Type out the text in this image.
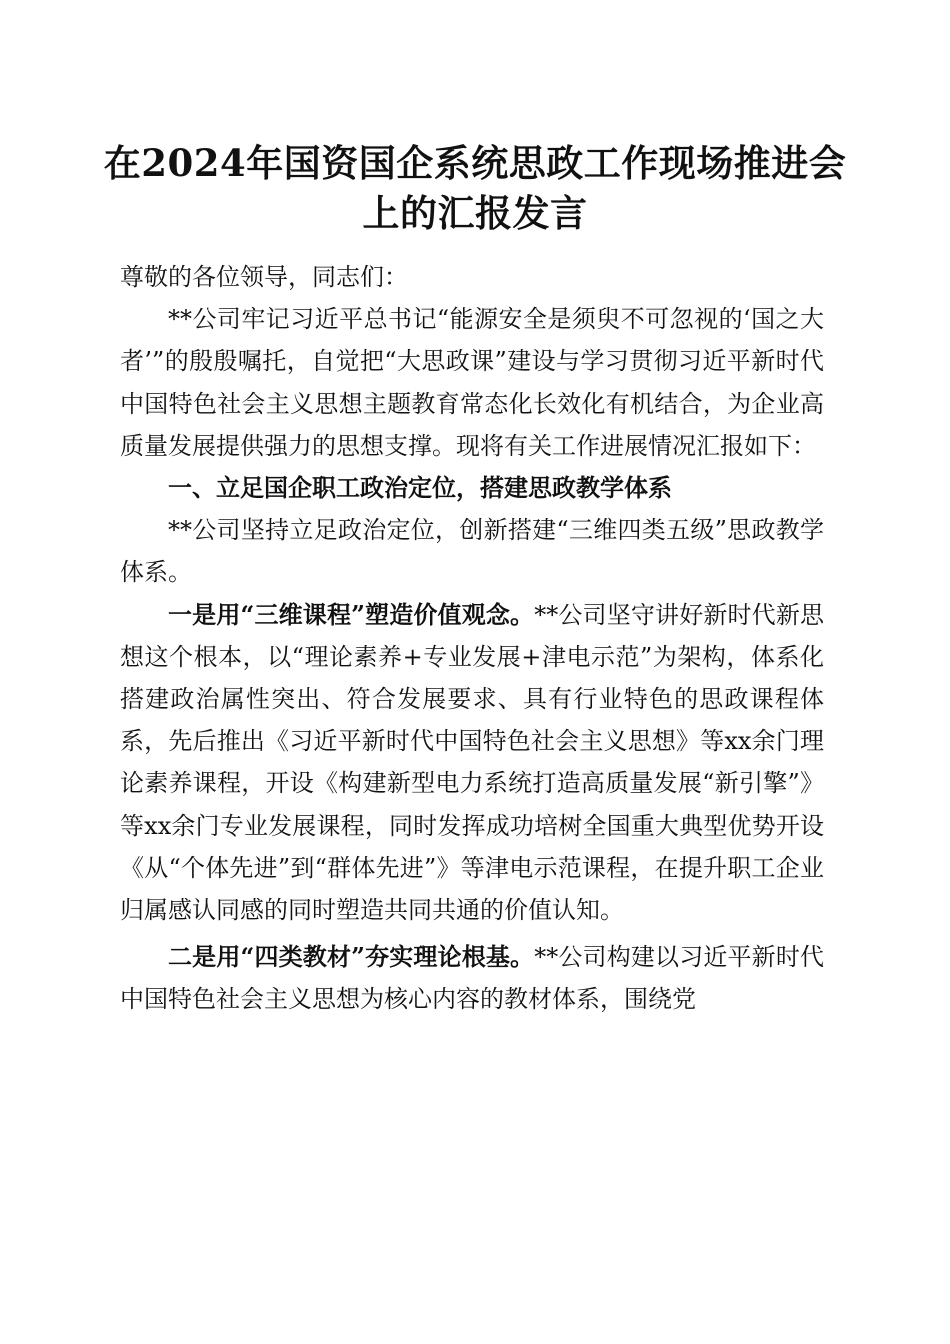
在2024年国资国企系统思政工作现场推进会
上的汇报发言

尊敬的各位领导，同志们：

**公司牢记习近平总书记“能源安全是须臾不可忽视的‘国之大者’”的殷殷嘱托，自觉把“大思政课”建设与学习贯彻习近平新时代中国特色社会主义思想主题教育常态化长效化有机结合，为企业高质量发展提供强力的思想支撑。现将有关工作进展情况汇报如下：

一、立足国企职工政治定位，搭建思政教学体系

**公司坚持立足政治定位，创新搭建“三维四类五级”思政教学体系。

一是用“三维课程”塑造价值观念。**公司坚守讲好新时代新思想这个根本，以“理论素养+专业发展+津电示范”为架构，体系化搭建政治属性突出、符合发展要求、具有行业特色的思政课程体系，先后推出《习近平新时代中国特色社会主义思想》等xx余门理论素养课程，开设《构建新型电力系统打造高质量发展“新引擎”》等xx余门专业发展课程，同时发挥成功培树全国重大典型优势开设《从“个体先进”到“群体先进”》等津电示范课程，在提升职工企业归属感认同感的同时塑造共同共通的价值认知。

二是用“四类教材”夯实理论根基。**公司构建以习近平新时代中国特色社会主义思想为核心内容的教材体系，围绕党
